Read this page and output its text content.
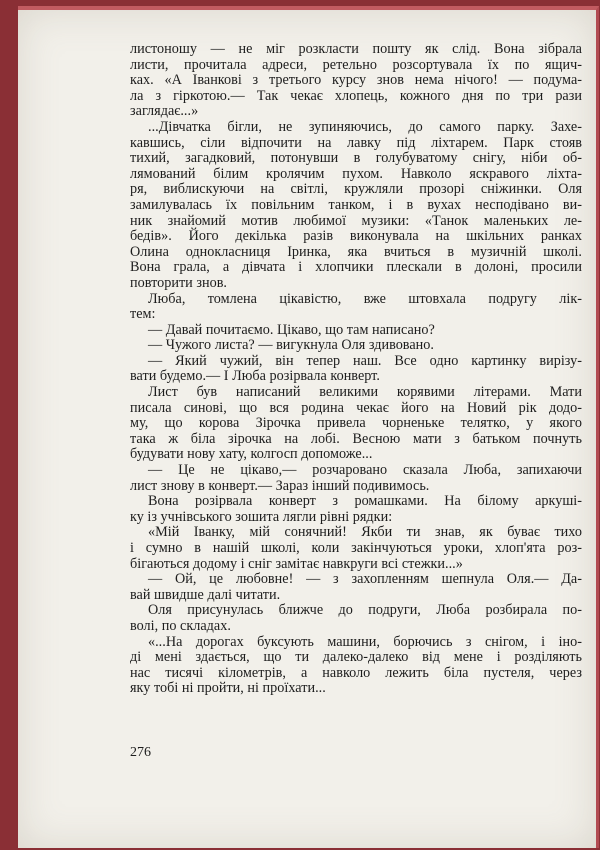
листоношу — не міг розкласти пошту як слід. Вона зібрала
листи, прочитала адреси, ретельно розсортувала їх по ящич-
ках. «А Іванкові з третього курсу знов нема нічого! — подума-
ла з гіркотою.— Так чекає хлопець, кожного дня по три рази
заглядає...»
...Дівчатка бігли, не зупиняючись, до самого парку. Захе-
кавшись, сіли відпочити на лавку під ліхтарем. Парк стояв
тихий, загадковий, потонувши в голубуватому снігу, ніби об-
лямований білим кролячим пухом. Навколо яскравого ліхта-
ря, виблискуючи на світлі, кружляли прозорі сніжинки. Оля
замилувалась їх повільним танком, і в вухах несподівано ви-
ник знайомий мотив любимої музики: «Танок маленьких ле-
бедів». Його декілька разів виконувала на шкільних ранках
Олина однокласниця Іринка, яка вчиться в музичній школі.
Вона грала, а дівчата і хлопчики плескали в долоні, просили
повторити знов.
Люба, томлена цікавістю, вже штовхала подругу лік-
тем:
— Давай почитаємо. Цікаво, що там написано?
— Чужого листа? — вигукнула Оля здивовано.
— Який чужий, він тепер наш. Все одно картинку вирізу-
вати будемо.— І Люба розірвала конверт.
Лист був написаний великими корявими літерами. Мати
писала синові, що вся родина чекає його на Новий рік додо-
му, що корова Зірочка привела чорненьке телятко, у якого
така ж біла зірочка на лобі. Весною мати з батьком почнуть
будувати нову хату, колгосп допоможе...
— Це не цікаво,— розчаровано сказала Люба, запихаючи
лист знову в конверт.— Зараз інший подивимось.
Вона розірвала конверт з ромашками. На білому аркуші-
ку із учнівського зошита лягли рівні рядки:
«Мій Іванку, мій сонячний! Якби ти знав, як буває тихо
і сумно в нашій школі, коли закінчуються уроки, хлоп'ята роз-
бігаються додому і сніг замітає навкруги всі стежки...»
— Ой, це любовне! — з захопленням шепнула Оля.— Да-
вай швидше далі читати.
Оля присунулась ближче до подруги, Люба розбирала по-
волі, по складах.
«...На дорогах буксують машини, борючись з снігом, і іно-
ді мені здається, що ти далеко-далеко від мене і розділяють
нас тисячі кілометрів, а навколо лежить біла пустеля, через
яку тобі ні пройти, ні проїхати...
276
